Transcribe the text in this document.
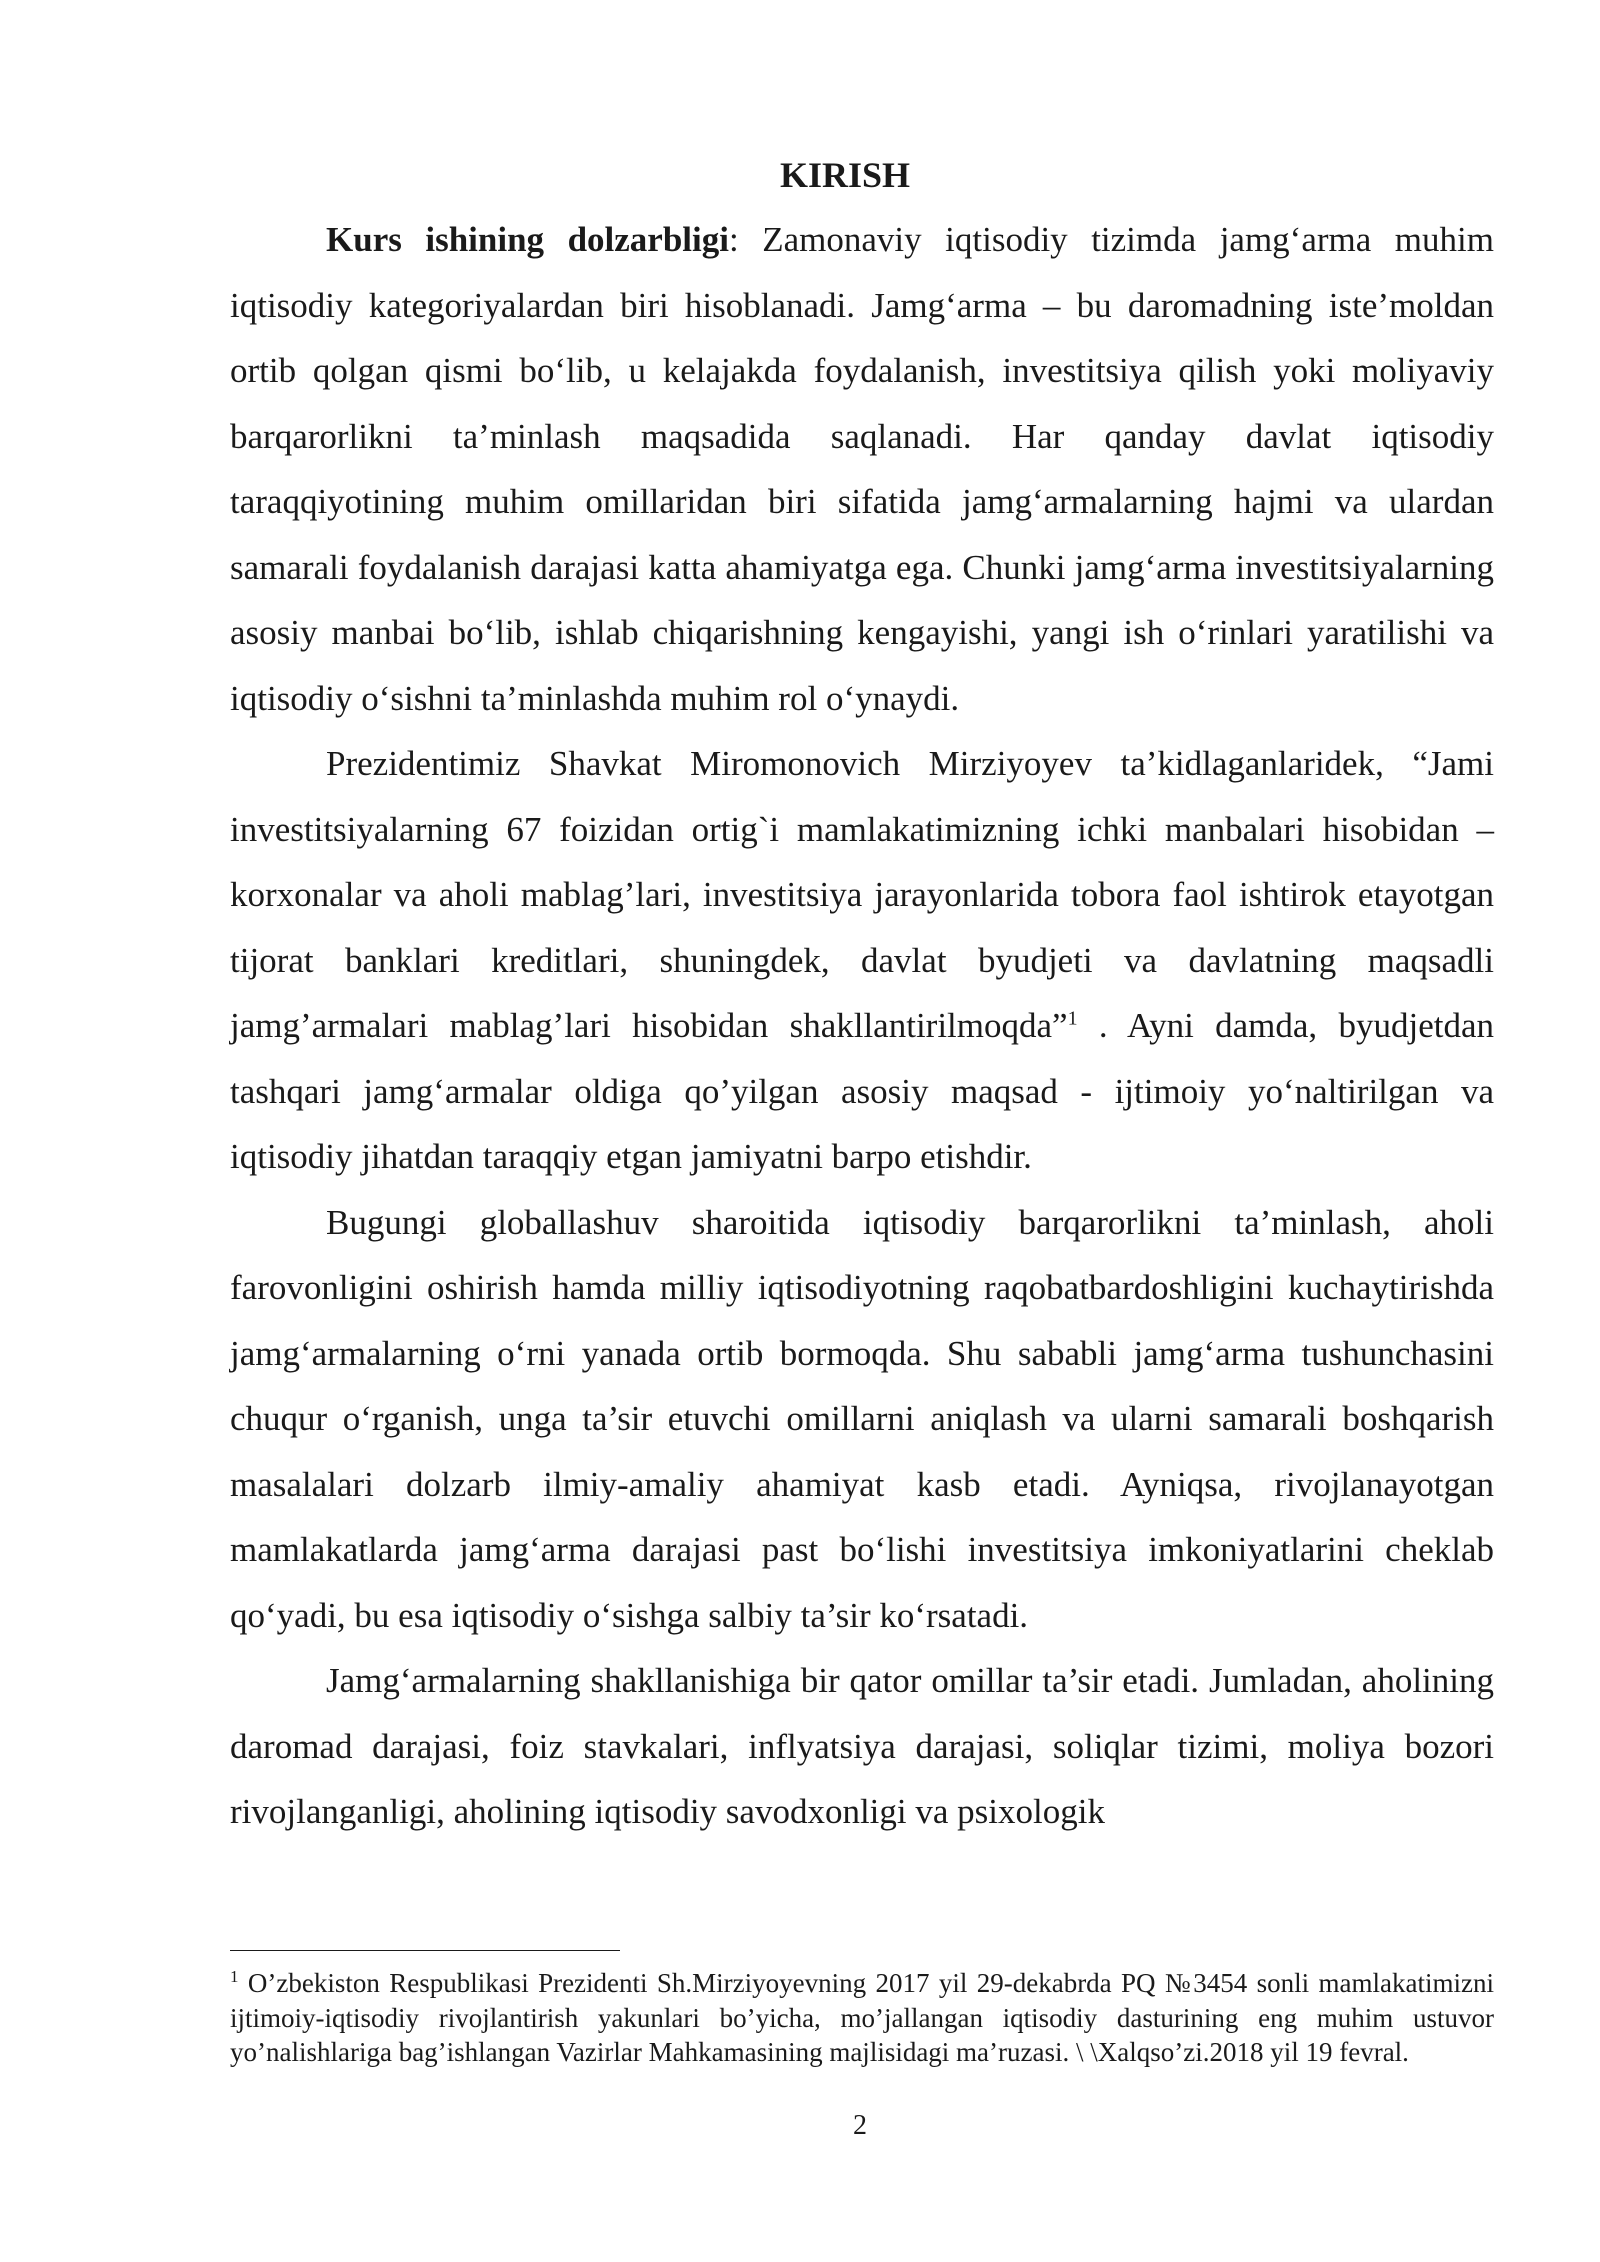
KIRISH

Kurs ishining dolzarbligi: Zamonaviy iqtisodiy tizimda jamg‘arma muhim iqtisodiy kategoriyalardan biri hisoblanadi. Jamg‘arma – bu daromadning iste’moldan ortib qolgan qismi bo‘lib, u kelajakda foydalanish, investitsiya qilish yoki moliyaviy barqarorlikni ta’minlash maqsadida saqlanadi. Har qanday davlat iqtisodiy taraqqiyotining muhim omillaridan biri sifatida jamg‘armalarning hajmi va ulardan samarali foydalanish darajasi katta ahamiyatga ega. Chunki jamg‘arma investitsiyalarning asosiy manbai bo‘lib, ishlab chiqarishning kengayishi, yangi ish o‘rinlari yaratilishi va iqtisodiy o‘sishni ta’minlashda muhim rol o‘ynaydi.

Prezidentimiz Shavkat Miromonovich Mirziyoyev ta’kidlaganlaridek, “Jami investitsiyalarning 67 foizidan ortig`i mamlakatimizning ichki manbalari hisobidan – korxonalar va aholi mablag’lari, investitsiya jarayonlarida tobora faol ishtirok etayotgan tijorat banklari kreditlari, shuningdek, davlat byudjeti va davlatning maqsadli jamg’armalari mablag’lari hisobidan shakllantirilmoqda”$^1$ . Ayni damda, byudjetdan tashqari jamg‘armalar oldiga qo’yilgan asosiy maqsad - ijtimoiy yo‘naltirilgan va iqtisodiy jihatdan taraqqiy etgan jamiyatni barpo etishdir.

Bugungi globallashuv sharoitida iqtisodiy barqarorlikni ta’minlash, aholi farovonligini oshirish hamda milliy iqtisodiyotning raqobatbardoshligini kuchaytirishda jamg‘armalarning o‘rni yanada ortib bormoqda. Shu sababli jamg‘arma tushunchasini chuqur o‘rganish, unga ta’sir etuvchi omillarni aniqlash va ularni samarali boshqarish masalalari dolzarb ilmiy-amaliy ahamiyat kasb etadi. Ayniqsa, rivojlanayotgan mamlakatlarda jamg‘arma darajasi past bo‘lishi investitsiya imkoniyatlarini cheklab qo‘yadi, bu esa iqtisodiy o‘sishga salbiy ta’sir ko‘rsatadi.

Jamg‘armalarning shakllanishiga bir qator omillar ta’sir etadi. Jumladan, aholining daromad darajasi, foiz stavkalari, inflyatsiya darajasi, soliqlar tizimi, moliya bozori rivojlanganligi, aholining iqtisodiy savodxonligi va psixologik

$^1$ O’zbekiston Respublikasi Prezidenti Sh.Mirziyoyevning 2017 yil 29-dekabrda PQ №3454 sonli mamlakatimizni ijtimoiy-iqtisodiy rivojlantirish yakunlari bo’yicha, mo’jallangan iqtisodiy dasturining eng muhim ustuvor yo’nalishlariga bag’ishlangan Vazirlar Mahkamasining majlisidagi ma’ruzasi. \ \Xalqso’zi.2018 yil 19 fevral.

2
